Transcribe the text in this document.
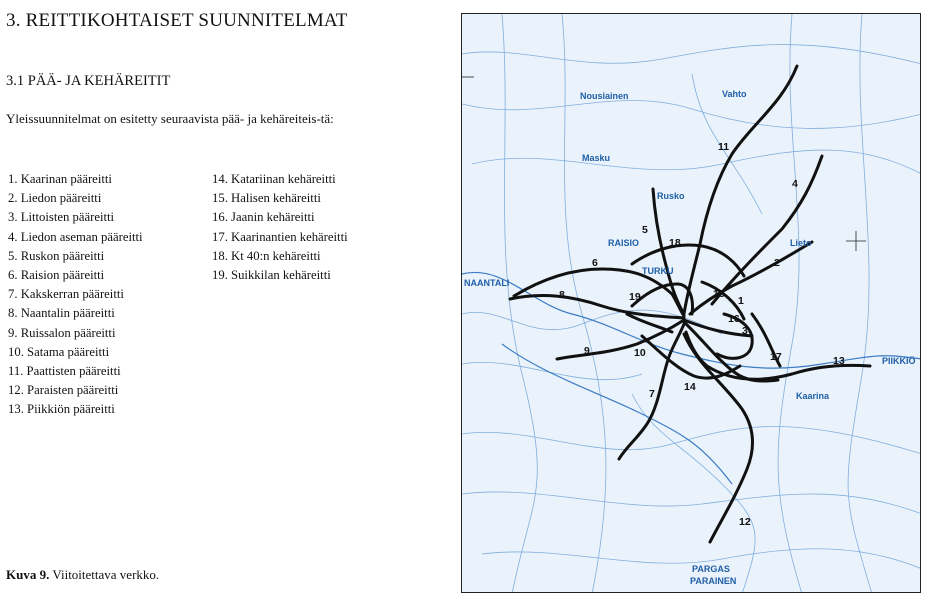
3. REITTIKOHTAISET SUUNNITELMAT
3.1 PÄÄ- JA KEHÄREITIT
Yleissuunnitelmat on esitetty seuraavista pää- ja kehäreiteis-tä:
1. Kaarinan pääreitti
2. Liedon pääreitti
3. Littoisten pääreitti
4. Liedon aseman pääreitti
5. Ruskon pääreitti
6. Raision pääreitti
7. Kakskerran pääreitti
8. Naantalin pääreitti
9. Ruissalon pääreitti
10. Satama pääreitti
11. Paattisten pääreitti
12. Paraisten pääreitti
13. Piikkiön pääreitti
14. Katariinan kehäreitti
15. Halisen kehäreitti
16. Jaanin kehäreitti
17. Kaarinantien kehäreitti
18. Kt 40:n kehäreitti
19. Suikkilan kehäreitti
Kuva 9. Viitoitettava verkko.
Nousiainen	Vahto
Masku
Rusko
Lieto
RAISIO
TURKU
NAANTALI
Kaarina
PIIKKIÖ
PARGAS
PARAINEN
1
2
3
4
5
6
7
8
9	10
11
12
13
14
15
16
17
18
19
